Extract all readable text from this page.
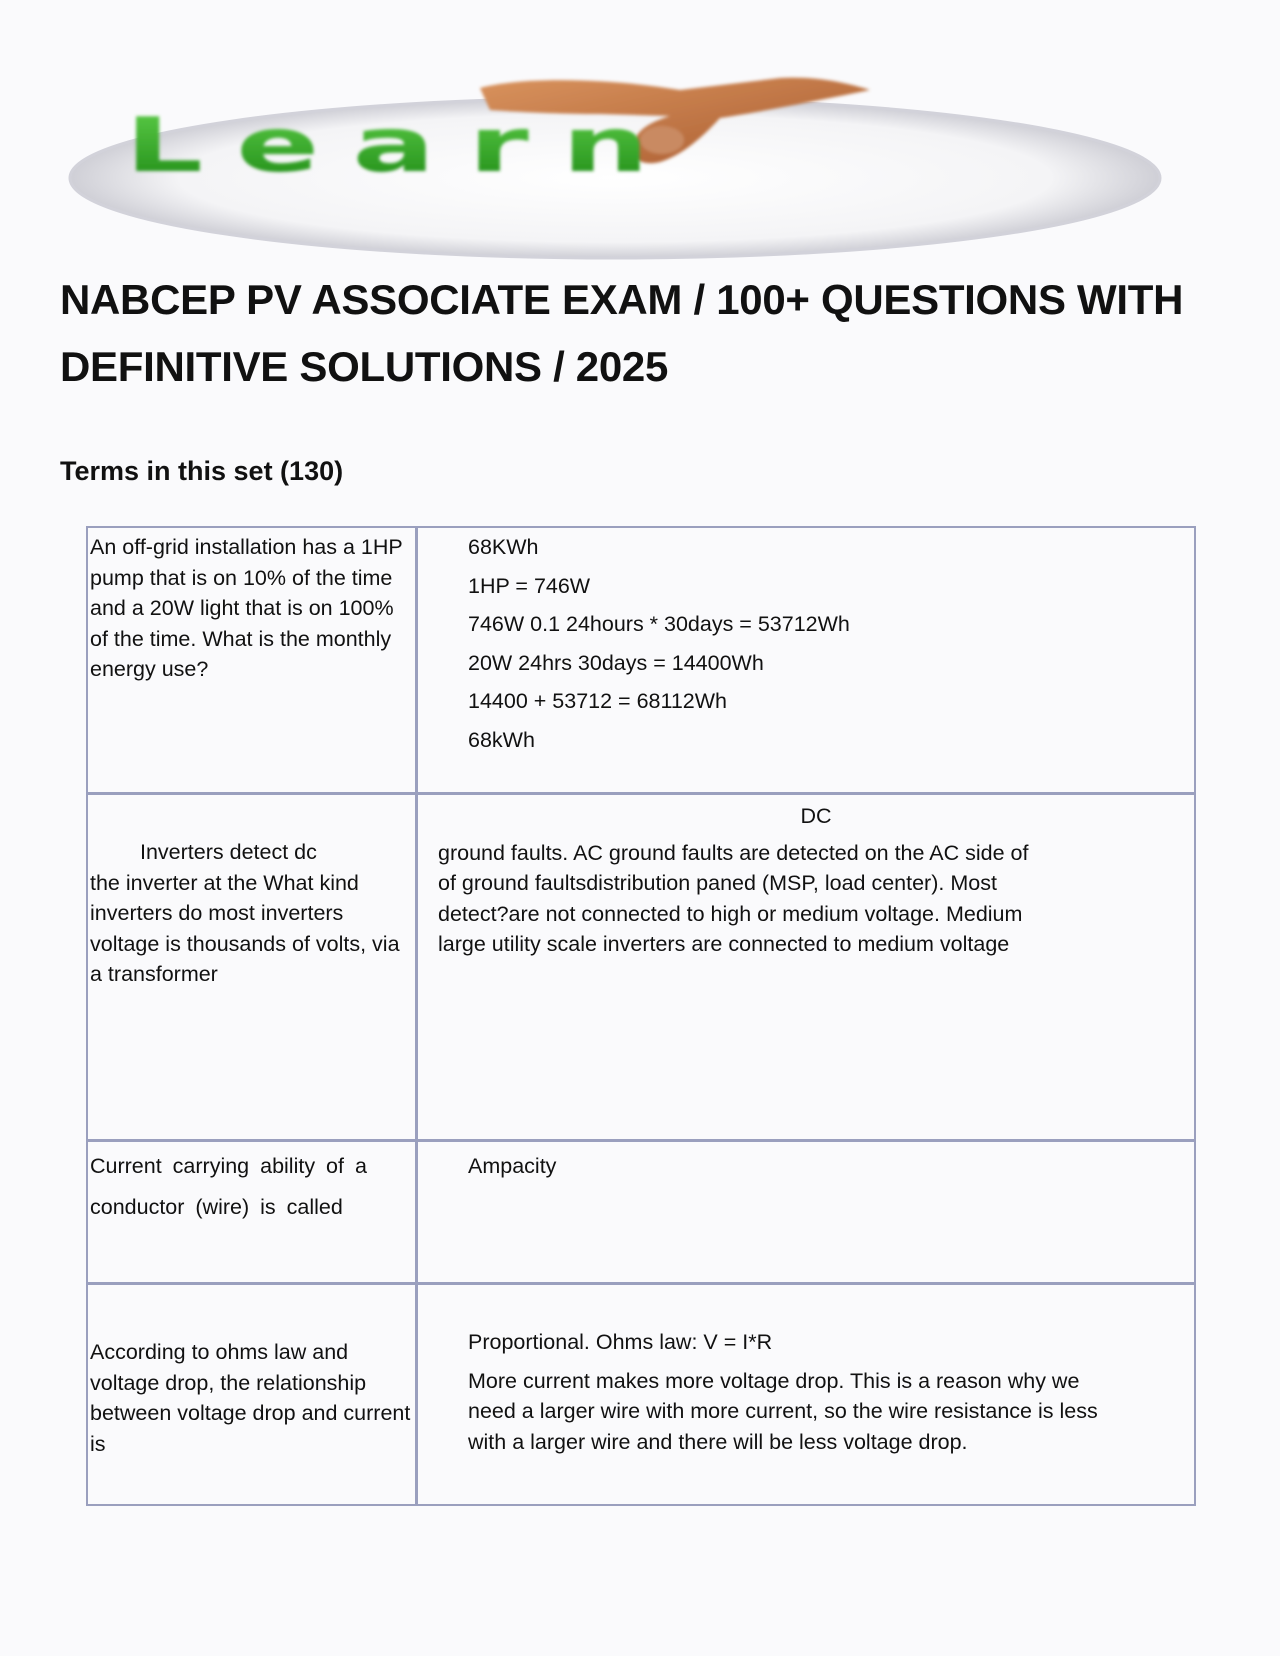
Learn
NABCEP PV ASSOCIATE EXAM / 100+ QUESTIONS WITH DEFINITIVE SOLUTIONS / 2025
Terms in this set (130)
An off-grid installation has a 1HP pump that is on 10% of the time and a 20W light that is on 100% of the time. What is the monthly energy use?

68KWh

1HP = 746W

746W 0.1 24hours * 30days = 53712Wh

20W 24hrs 30days = 14400Wh

14400 + 53712 = 68112Wh

68kWh

Inverters detect dc
the inverter at the What kind inverters do most inverters voltage is thousands of volts, via a transformer
DC
ground faults. AC ground faults are detected on the AC side of
of ground faultsdistribution paned (MSP, load center). Most
detect?are not connected to high or medium voltage. Medium
large utility scale inverters are connected to medium voltage
Current carrying ability of a conductor (wire) is called
Ampacity
According to ohms law and voltage drop, the relationship between voltage drop and current is

Proportional. Ohms law: V = I*R

More current makes more voltage drop. This is a reason why we need a larger wire with more current, so the wire resistance is less with a larger wire and there will be less voltage drop.
